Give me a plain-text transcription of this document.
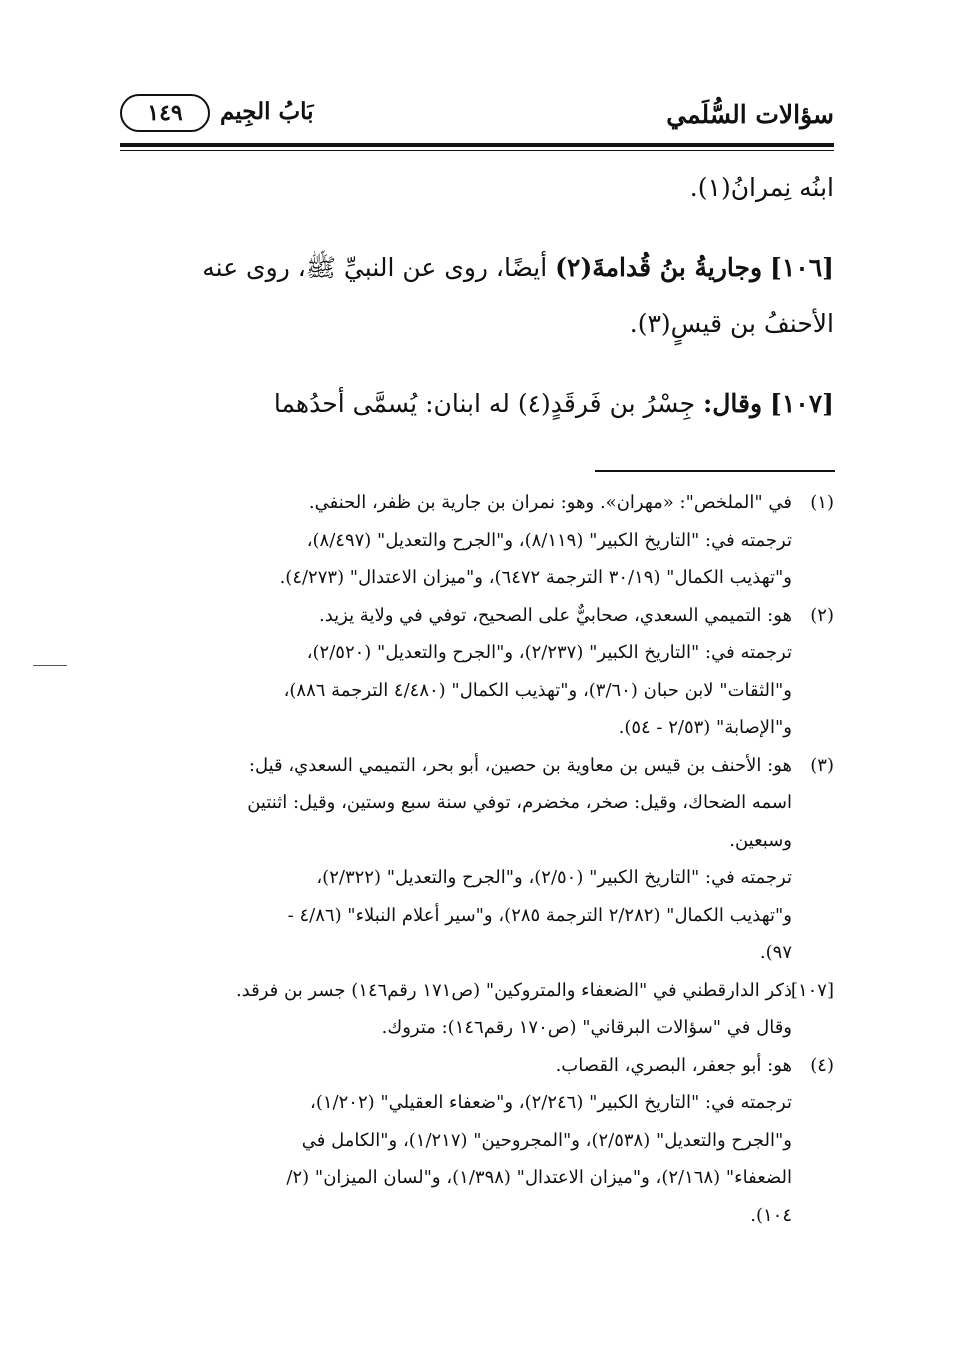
سؤالات السُّلَمي
بَابُ الجِيم
١٤٩

ابنُه نِمرانُ(١).

[١٠٦] وجاريةُ بنُ قُدامةَ(٢) أيضًا، روى عن النبيِّ ﷺ، روى عنه
الأحنفُ بن قيسٍ(٣).

[١٠٧] وقال: جِسْرُ بن فَرقَدٍ(٤) له ابنان: يُسمَّى أحدُهما

(١)
في "الملخص": «مهران». وهو: نمران بن جارية بن ظفر، الحنفي.
ترجمته في: "التاريخ الكبير" (٨/١١٩)، و"الجرح والتعديل" (٨/٤٩٧)،
و"تهذيب الكمال" (٣٠/١٩ الترجمة ٦٤٧٢)، و"ميزان الاعتدال" (٤/٢٧٣).
(٢)
هو: التميمي السعدي، صحابيٌّ على الصحيح، توفي في ولاية يزيد.
ترجمته في: "التاريخ الكبير" (٢/٢٣٧)، و"الجرح والتعديل" (٢/٥٢٠)،
و"الثقات" لابن حبان (٣/٦٠)، و"تهذيب الكمال" (٤/٤٨٠ الترجمة ٨٨٦)،
و"الإصابة" (٢/٥٣ - ٥٤).
(٣)
هو: الأحنف بن قيس بن معاوية بن حصين، أبو بحر، التميمي السعدي، قيل:
اسمه الضحاك، وقيل: صخر، مخضرم، توفي سنة سبع وستين، وقيل: اثنتين
وسبعين.
ترجمته في: "التاريخ الكبير" (٢/٥٠)، و"الجرح والتعديل" (٢/٣٢٢)،
و"تهذيب الكمال" (٢/٢٨٢ الترجمة ٢٨٥)، و"سير أعلام النبلاء" (٤/٨٦ -
٩٧).
[١٠٧]
ذكر الدارقطني في "الضعفاء والمتروكين" (ص١٧١ رقم١٤٦) جسر بن فرقد.
وقال في "سؤالات البرقاني" (ص١٧٠ رقم١٤٦): متروك.
(٤)
هو: أبو جعفر، البصري، القصاب.
ترجمته في: "التاريخ الكبير" (٢/٢٤٦)، و"ضعفاء العقيلي" (١/٢٠٢)،
و"الجرح والتعديل" (٢/٥٣٨)، و"المجروحين" (١/٢١٧)، و"الكامل في
الضعفاء" (٢/١٦٨)، و"ميزان الاعتدال" (١/٣٩٨)، و"لسان الميزان" (٢/
١٠٤).
